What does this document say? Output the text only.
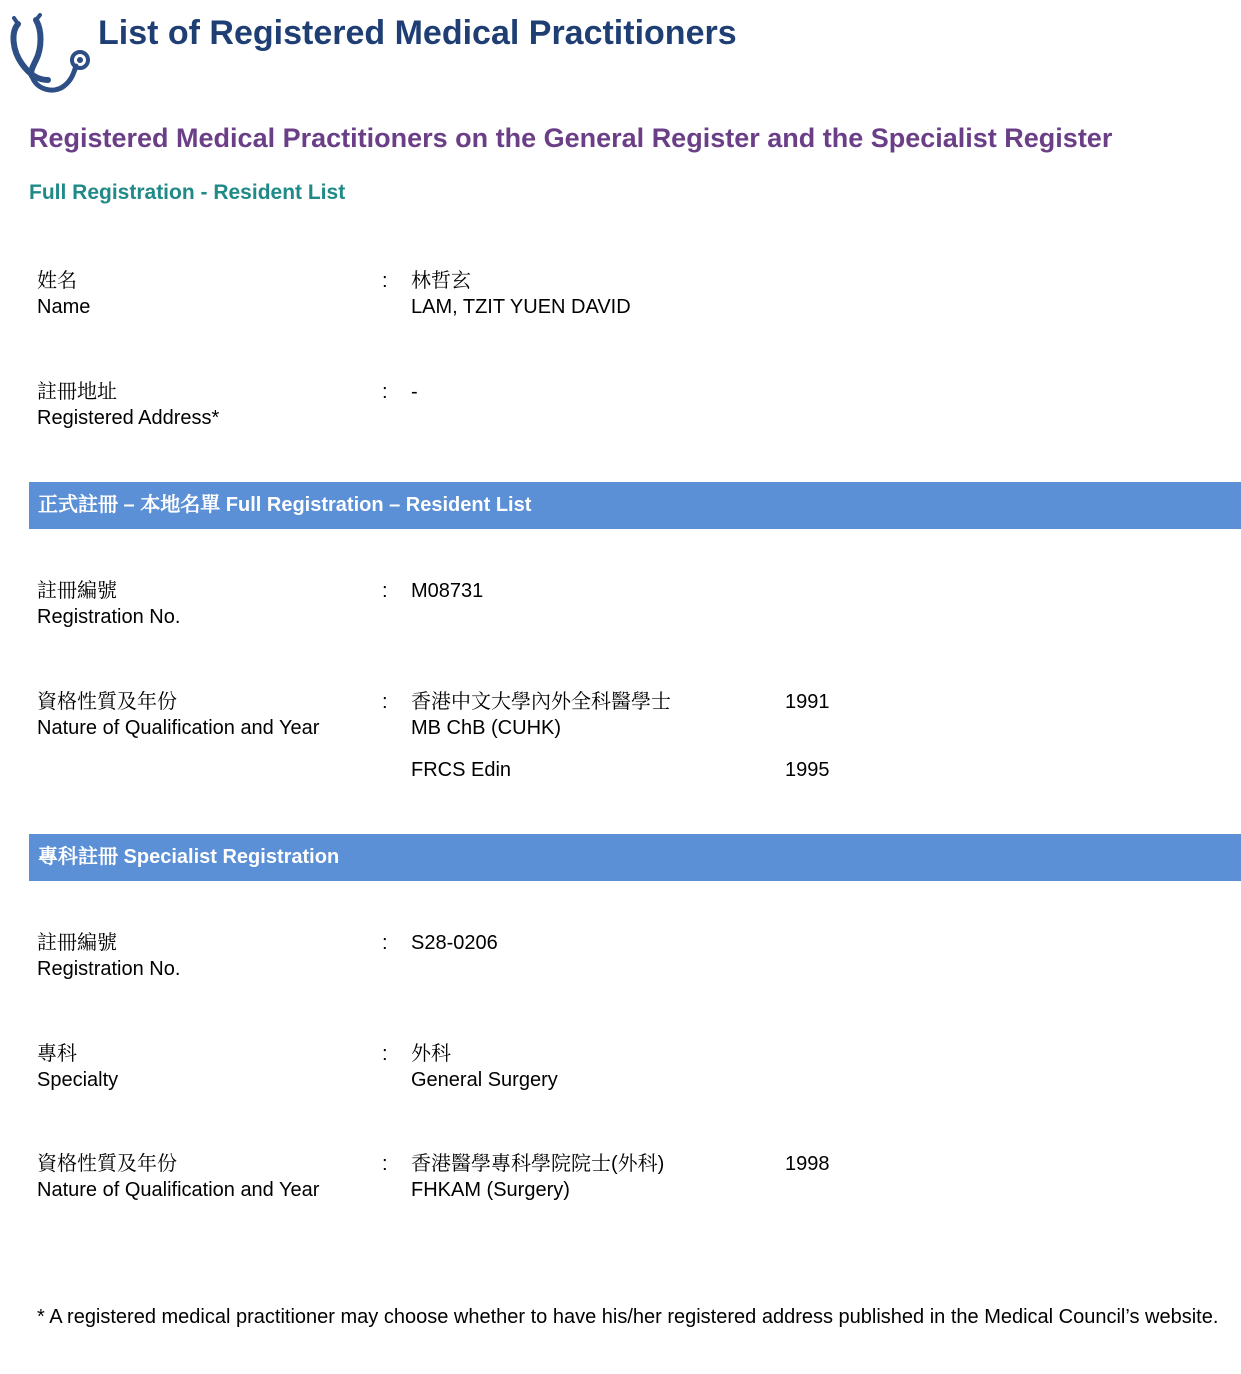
List of Registered Medical Practitioners
Registered Medical Practitioners on the General Register and the Specialist Register
Full Registration - Resident List
姓名
Name
: 林哲玄
LAM, TZIT YUEN DAVID
註冊地址
Registered Address*
: -
正式註冊 – 本地名單 Full Registration – Resident List
註冊編號
Registration No.
: M08731
資格性質及年份
Nature of Qualification and Year
: 香港中文大學內外全科醫學士
MB ChB (CUHK)
1991
FRCS Edin	1995
專科註冊 Specialist Registration
註冊編號
Registration No.
: S28-0206
專科
Specialty
: 外科
General Surgery
資格性質及年份
Nature of Qualification and Year
: 香港醫學專科學院院士(外科)
FHKAM (Surgery)
1998
* A registered medical practitioner may choose whether to have his/her registered address published in the Medical Council’s website.
